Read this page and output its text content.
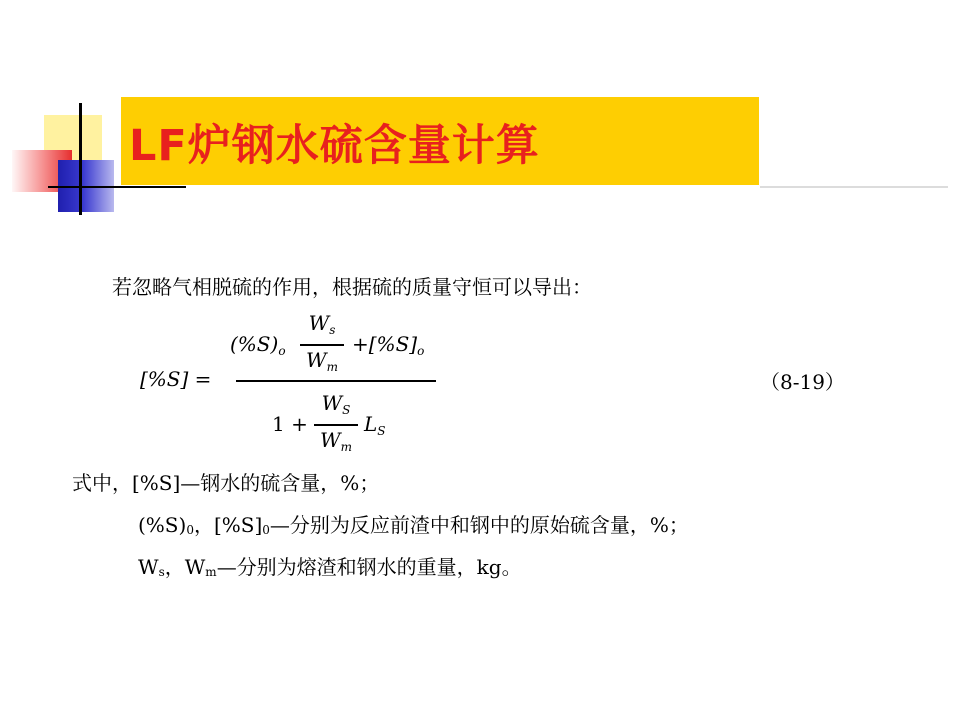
LF炉钢水硫含量计算
若忽略气相脱硫的作用，根据硫的质量守恒可以导出：
[%S] =
$(\%S)_o$
$W_s$
$W_m$
$+[\%S]_o$
1 +
$W_S$
$W_m$
$L_S$
（8-19）
式中，[%S]—钢水的硫含量，%；
(%S)0，[%S]0—分别为反应前渣中和钢中的原始硫含量，%；
Ws，Wm—分别为熔渣和钢水的重量，kg。
